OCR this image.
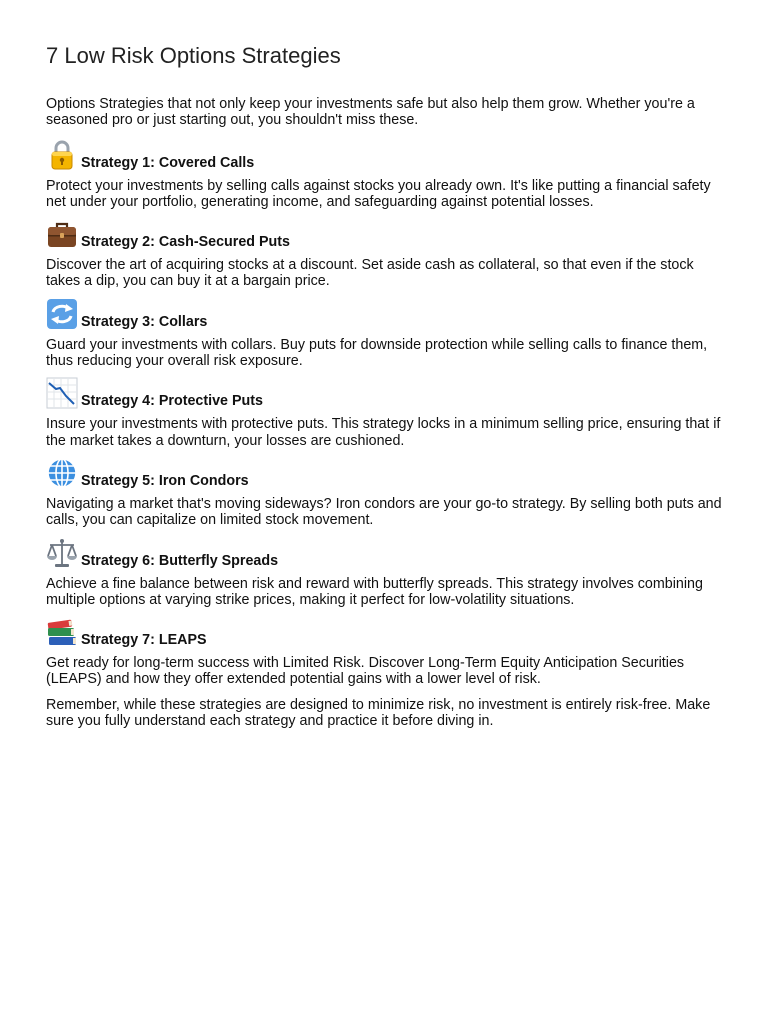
7 Low Risk Options Strategies

Options Strategies that not only keep your investments safe but also help them grow. Whether you're a seasoned pro or just starting out, you shouldn't miss these.

Strategy 1: Covered Calls

Protect your investments by selling calls against stocks you already own. It's like putting a financial safety net under your portfolio, generating income, and safeguarding against potential losses.

Strategy 2: Cash-Secured Puts

Discover the art of acquiring stocks at a discount. Set aside cash as collateral, so that even if the stock takes a dip, you can buy it at a bargain price.

Strategy 3: Collars

Guard your investments with collars. Buy puts for downside protection while selling calls to finance them, thus reducing your overall risk exposure.

Strategy 4: Protective Puts

Insure your investments with protective puts. This strategy locks in a minimum selling price, ensuring that if the market takes a downturn, your losses are cushioned.

Strategy 5: Iron Condors

Navigating a market that's moving sideways? Iron condors are your go-to strategy. By selling both puts and calls, you can capitalize on limited stock movement.

Strategy 6: Butterfly Spreads

Achieve a fine balance between risk and reward with butterfly spreads. This strategy involves combining multiple options at varying strike prices, making it perfect for low-volatility situations.

Strategy 7: LEAPS

Get ready for long-term success with Limited Risk. Discover Long-Term Equity Anticipation Securities (LEAPS) and how they offer extended potential gains with a lower level of risk.

Remember, while these strategies are designed to minimize risk, no investment is entirely risk-free. Make sure you fully understand each strategy and practice it before diving in.
